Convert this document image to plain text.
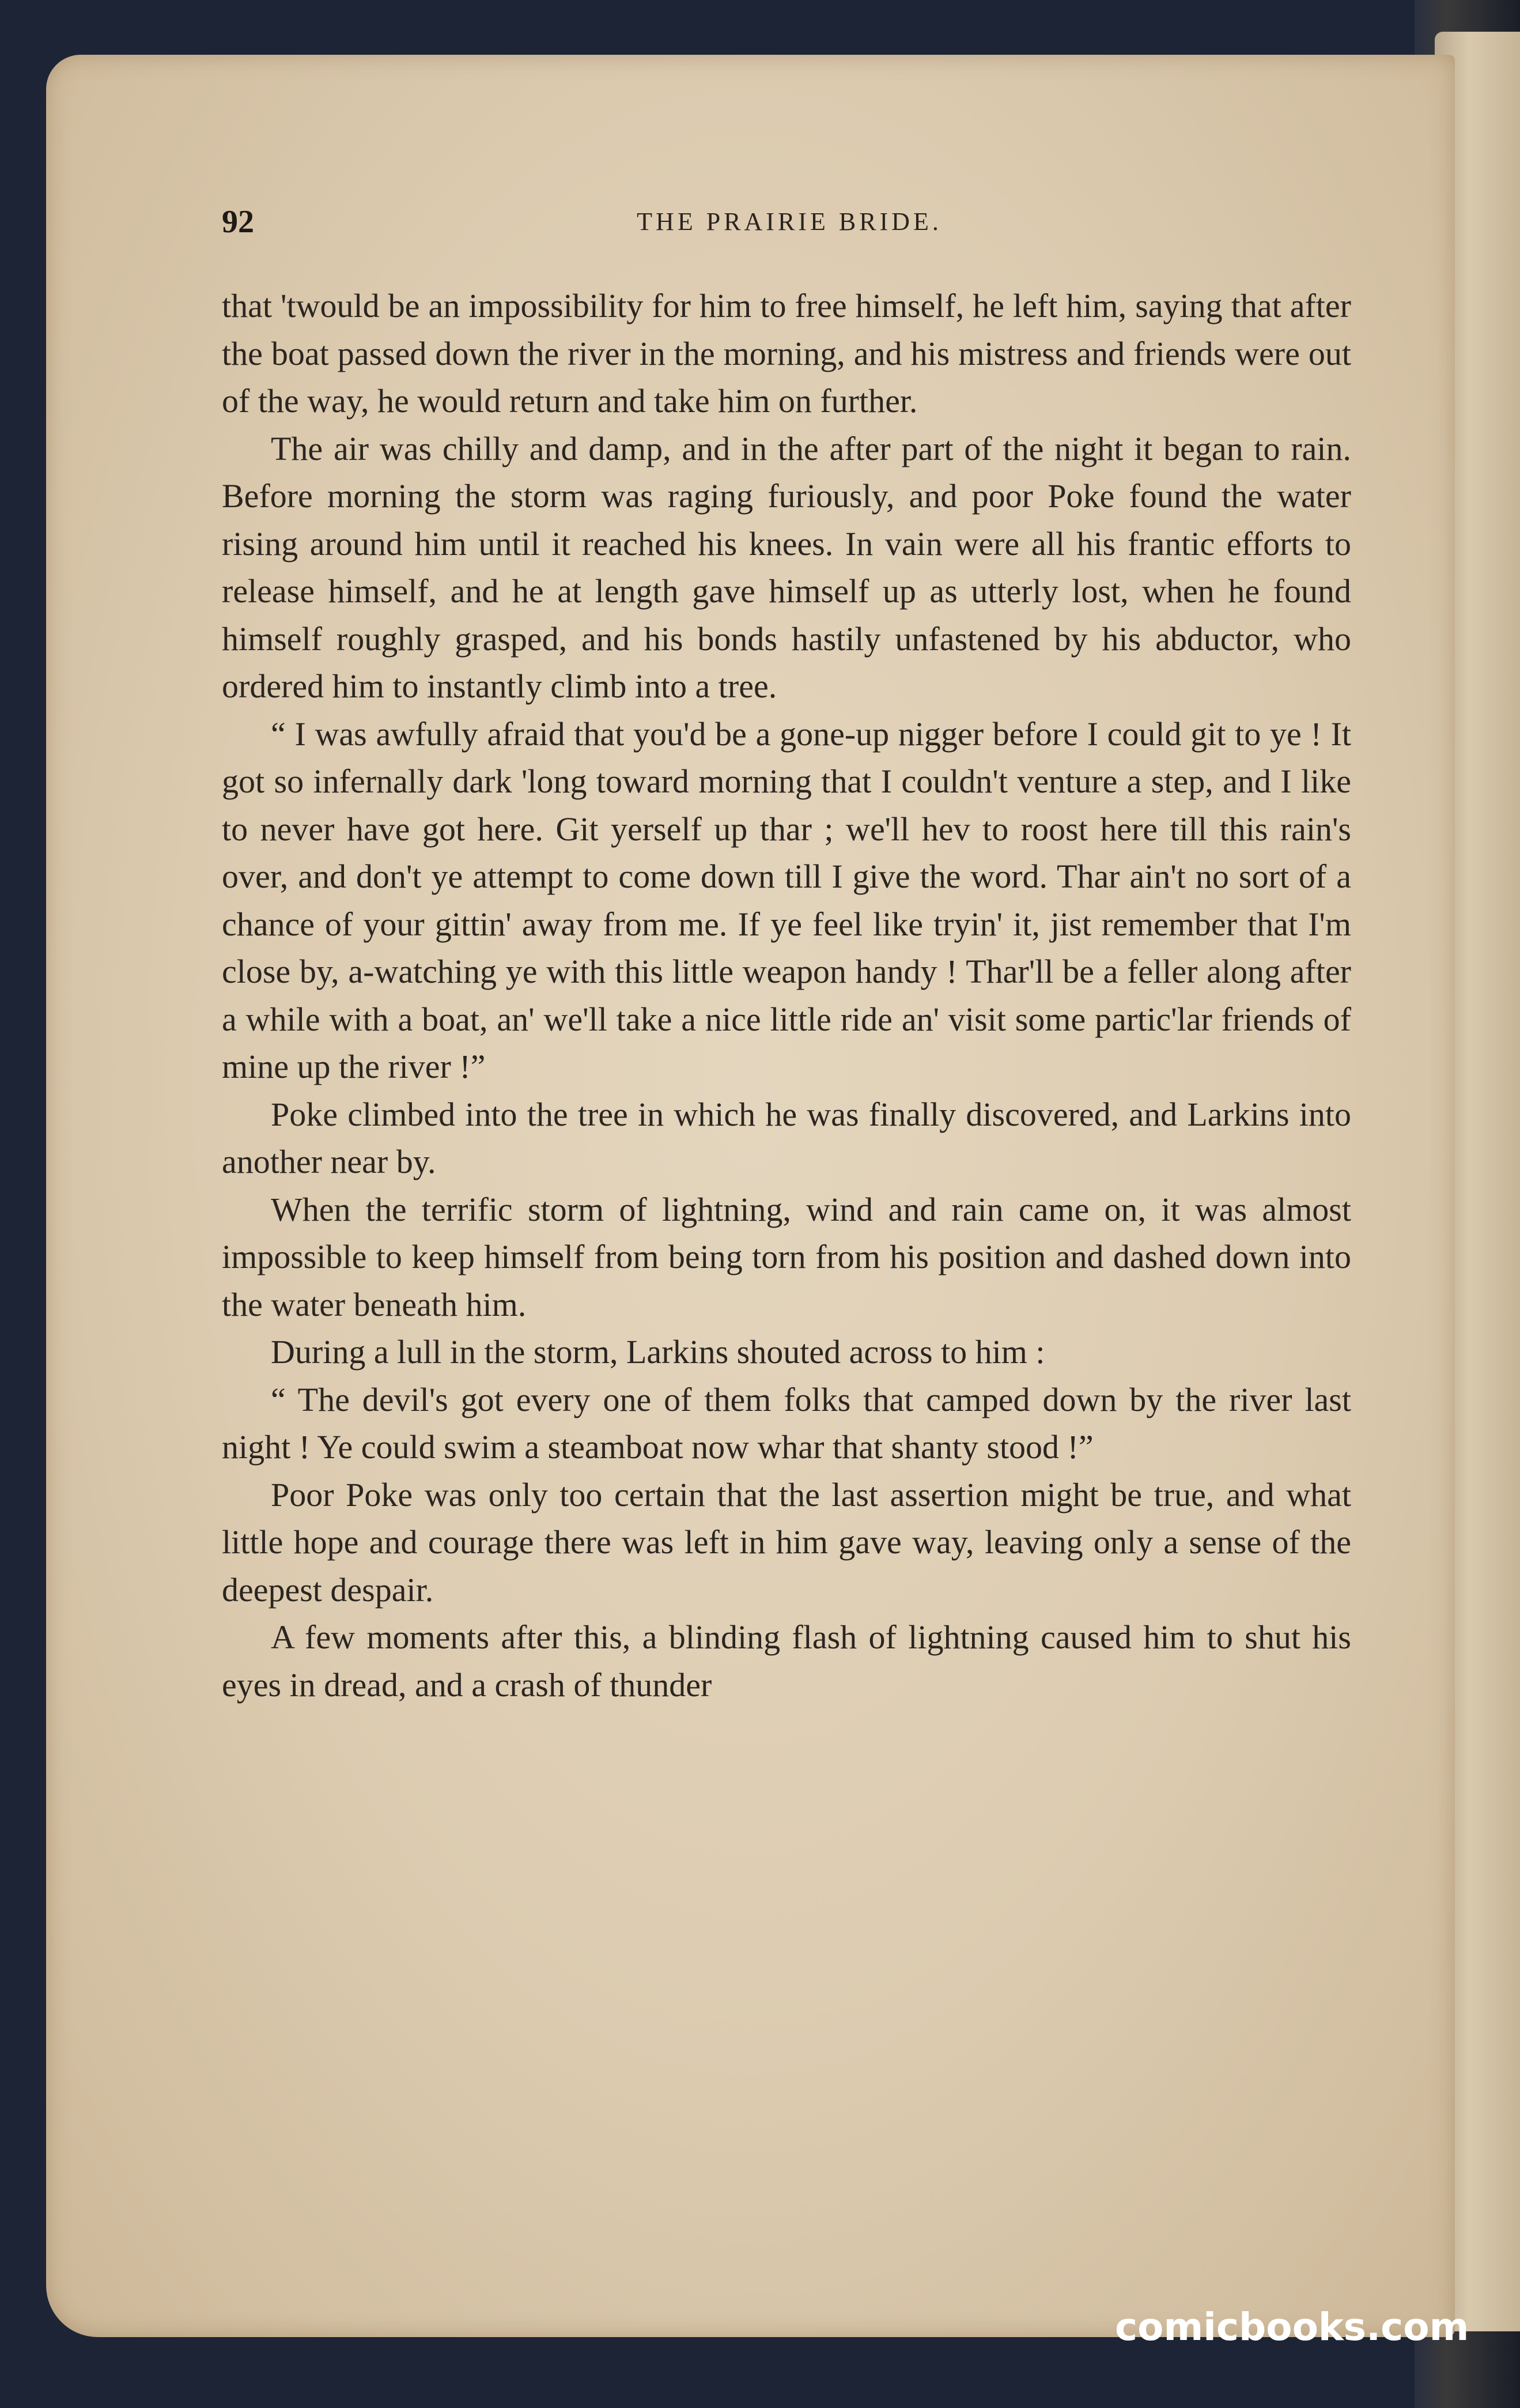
92	THE PRAIRIE BRIDE.

that 'twould be an impossibility for him to free himself, he left him, saying that after the boat passed down the river in the morning, and his mistress and friends were out of the way, he would return and take him on further.

The air was chilly and damp, and in the after part of the night it began to rain. Before morning the storm was raging furiously, and poor Poke found the water rising around him until it reached his knees. In vain were all his frantic efforts to release himself, and he at length gave himself up as utterly lost, when he found himself roughly grasped, and his bonds hastily unfastened by his abductor, who ordered him to instantly climb into a tree.

“ I was awfully afraid that you'd be a gone-up nigger before I could git to ye ! It got so infernally dark 'long toward morning that I couldn't venture a step, and I like to never have got here. Git yerself up thar ; we'll hev to roost here till this rain's over, and don't ye attempt to come down till I give the word. Thar ain't no sort of a chance of your gittin' away from me. If ye feel like tryin' it, jist remember that I'm close by, a-watching ye with this little weapon handy ! Thar'll be a feller along after a while with a boat, an' we'll take a nice little ride an' visit some partic'lar friends of mine up the river !”

Poke climbed into the tree in which he was finally discovered, and Larkins into another near by.

When the terrific storm of lightning, wind and rain came on, it was almost impossible to keep himself from being torn from his position and dashed down into the water beneath him.

During a lull in the storm, Larkins shouted across to him :

“ The devil's got every one of them folks that camped down by the river last night ! Ye could swim a steamboat now whar that shanty stood !”

Poor Poke was only too certain that the last assertion might be true, and what little hope and courage there was left in him gave way, leaving only a sense of the deepest despair.

A few moments after this, a blinding flash of lightning caused him to shut his eyes in dread, and a crash of thunder

comicbooks.com
